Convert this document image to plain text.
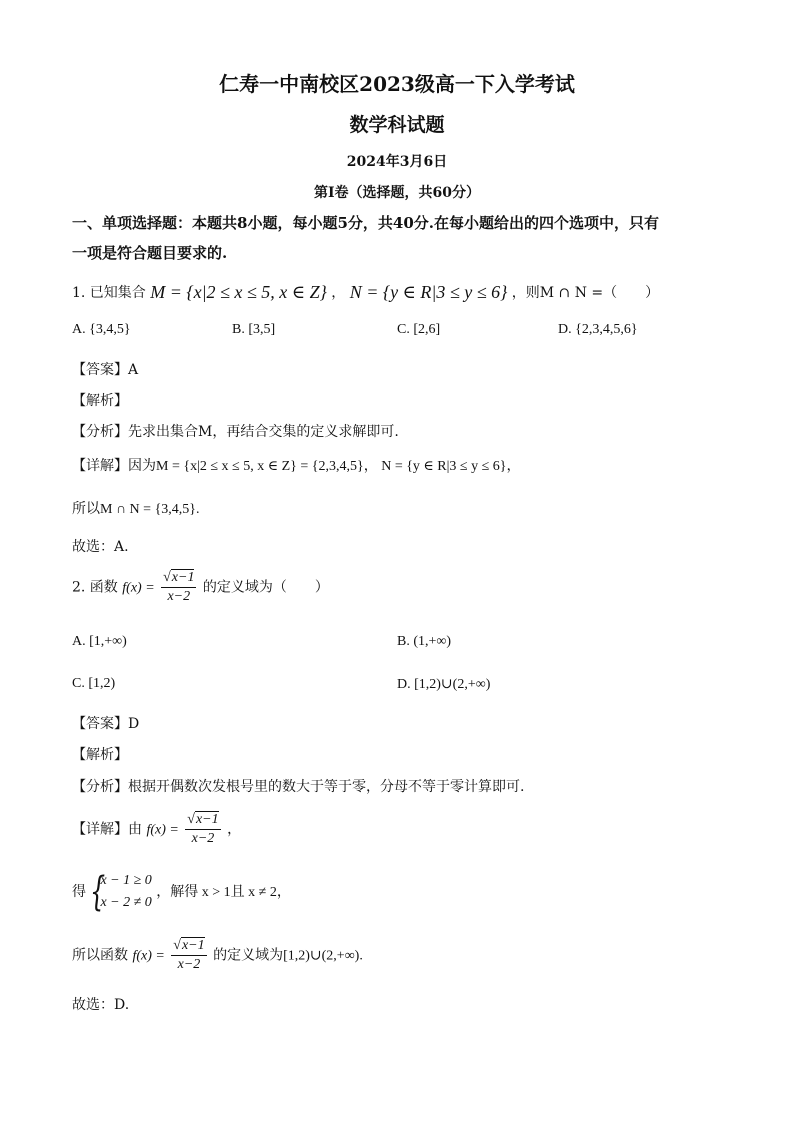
仁寿一中南校区2023级高一下入学考试
数学科试题
2024年3月6日
第Ⅰ卷（选择题，共60分）
一、单项选择题：本题共8小题，每小题5分，共40分.在每小题给出的四个选项中，只有
一项是符合题目要求的.
1. 已知集合 M = {x|2 ≤ x ≤ 5, x ∈ Z} ， N = {y ∈ R|3 ≤ y ≤ 6} ，则M ∩ N =（　　）
A. {3,4,5}	B. [3,5]	C. [2,6]	D. {2,3,4,5,6}
【答案】A
【解析】
【分析】先求出集合M，再结合交集的定义求解即可.
【详解】因为M = {x|2 ≤ x ≤ 5, x ∈ Z} = {2,3,4,5}， N = {y ∈ R|3 ≤ y ≤ 6}，
所以M ∩ N = {3,4,5}.
故选：A.
2. 函数 $f(x) = \frac{√x-1}{x-2}$ 的定义域为（　　）
A. [1,+∞)	B. (1,+∞)
C. [1,2)	D. [1,2)∪(2,+∞)
【答案】D
【解析】
【分析】根据开偶数次发根号里的数大于等于零，分母不等于零计算即可.
【详解】由 $f(x) = \frac{√x-1}{x-2}$ ，
得 {
x − 1 ≥ 0
x − 2 ≠ 0
，解得 x > 1且 x ≠ 2，
所以函数 $f(x) = \frac{√x-1}{x-2}$ 的定义域为[1,2)∪(2,+∞).
故选：D.
